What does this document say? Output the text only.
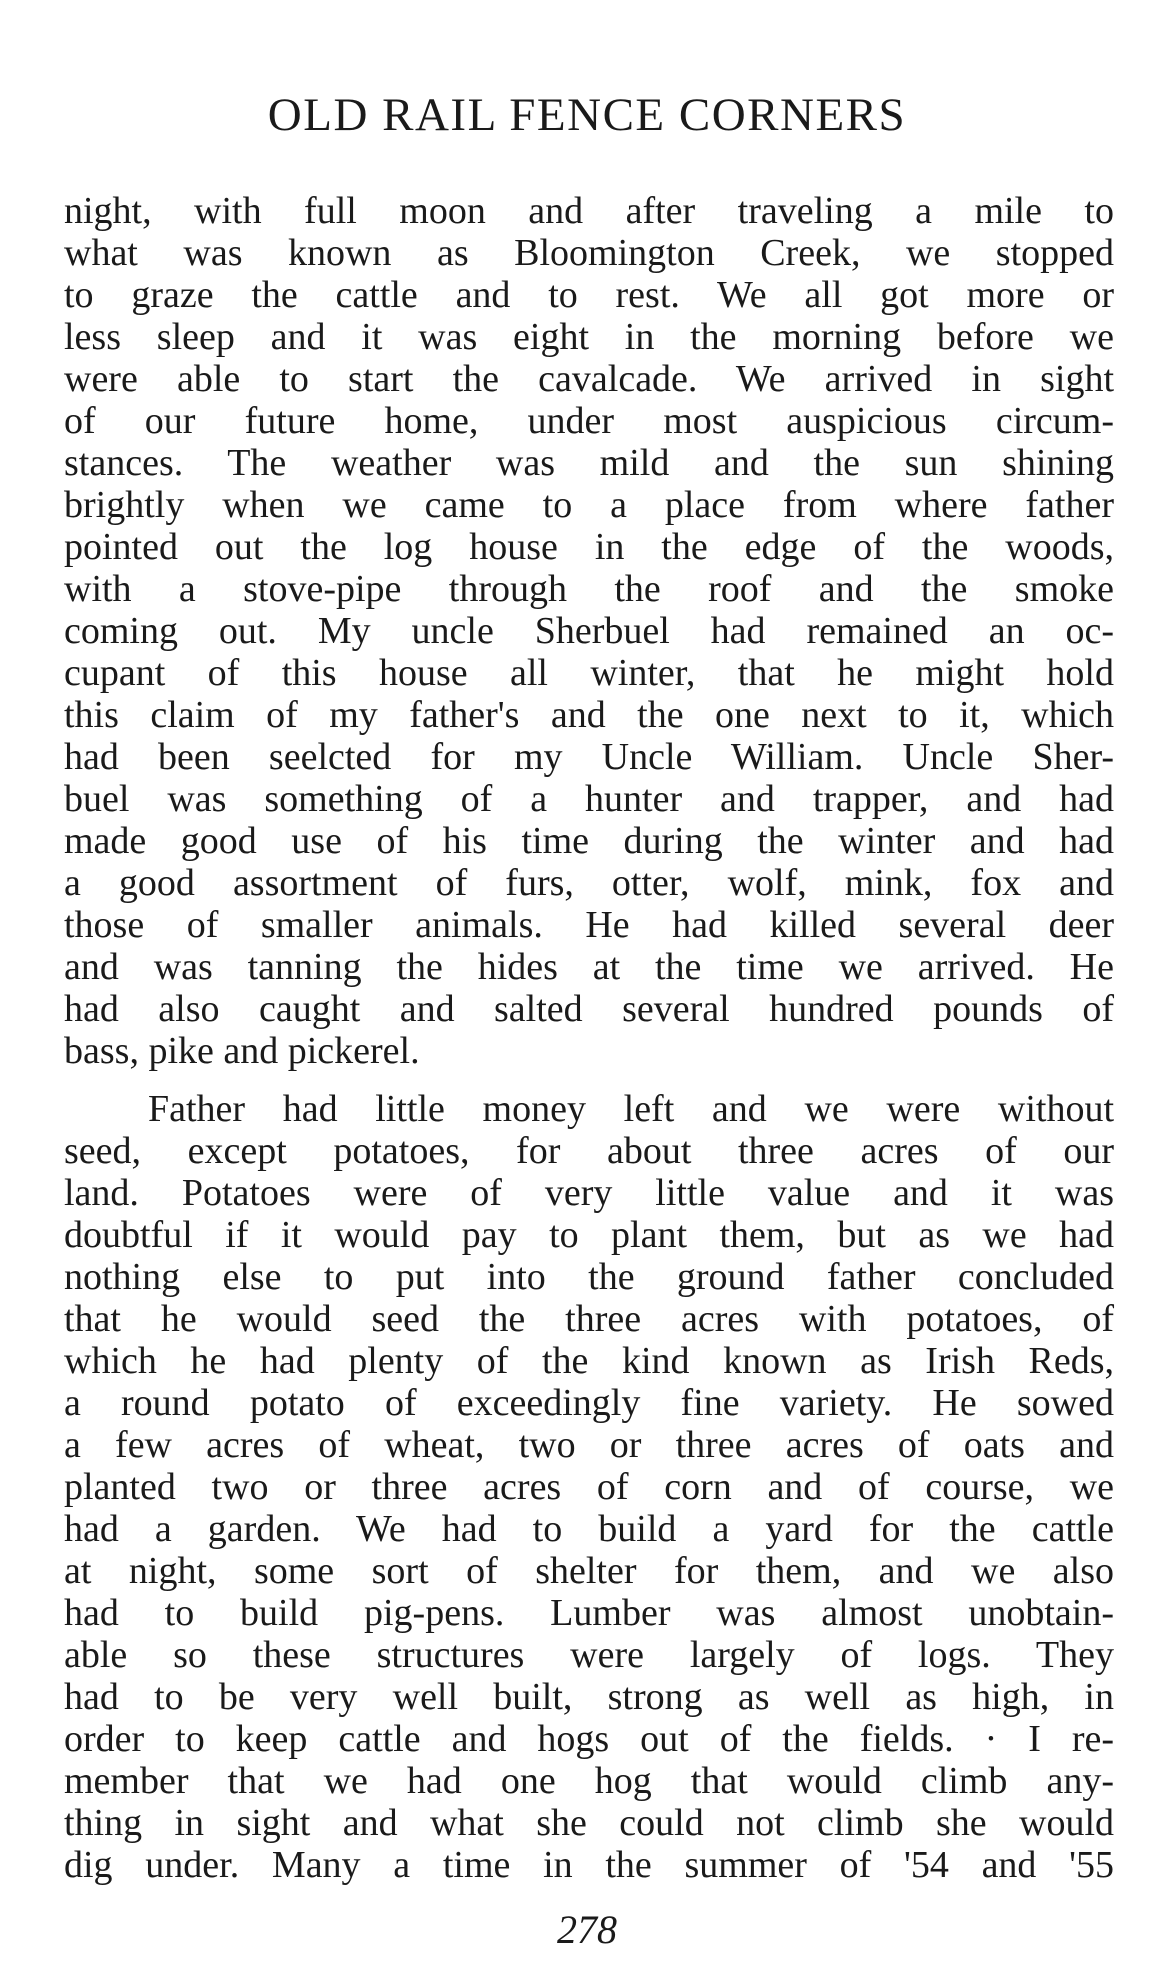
OLD RAIL FENCE CORNERS
night, with full moon and after traveling a mile to
what was known as Bloomington Creek, we stopped
to graze the cattle and to rest. We all got more or
less sleep and it was eight in the morning before we
were able to start the cavalcade. We arrived in sight
of our future home, under most auspicious circum-
stances. The weather was mild and the sun shining
brightly when we came to a place from where father
pointed out the log house in the edge of the woods,
with a stove-pipe through the roof and the smoke
coming out. My uncle Sherbuel had remained an oc-
cupant of this house all winter, that he might hold
this claim of my father's and the one next to it, which
had been seelcted for my Uncle William. Uncle Sher-
buel was something of a hunter and trapper, and had
made good use of his time during the winter and had
a good assortment of furs, otter, wolf, mink, fox and
those of smaller animals. He had killed several deer
and was tanning the hides at the time we arrived. He
had also caught and salted several hundred pounds of
bass, pike and pickerel.
Father had little money left and we were without
seed, except potatoes, for about three acres of our
land. Potatoes were of very little value and it was
doubtful if it would pay to plant them, but as we had
nothing else to put into the ground father concluded
that he would seed the three acres with potatoes, of
which he had plenty of the kind known as Irish Reds,
a round potato of exceedingly fine variety. He sowed
a few acres of wheat, two or three acres of oats and
planted two or three acres of corn and of course, we
had a garden. We had to build a yard for the cattle
at night, some sort of shelter for them, and we also
had to build pig-pens. Lumber was almost unobtain-
able so these structures were largely of logs. They
had to be very well built, strong as well as high, in
order to keep cattle and hogs out of the fields. · I re-
member that we had one hog that would climb any-
thing in sight and what she could not climb she would
dig under. Many a time in the summer of '54 and '55
278
